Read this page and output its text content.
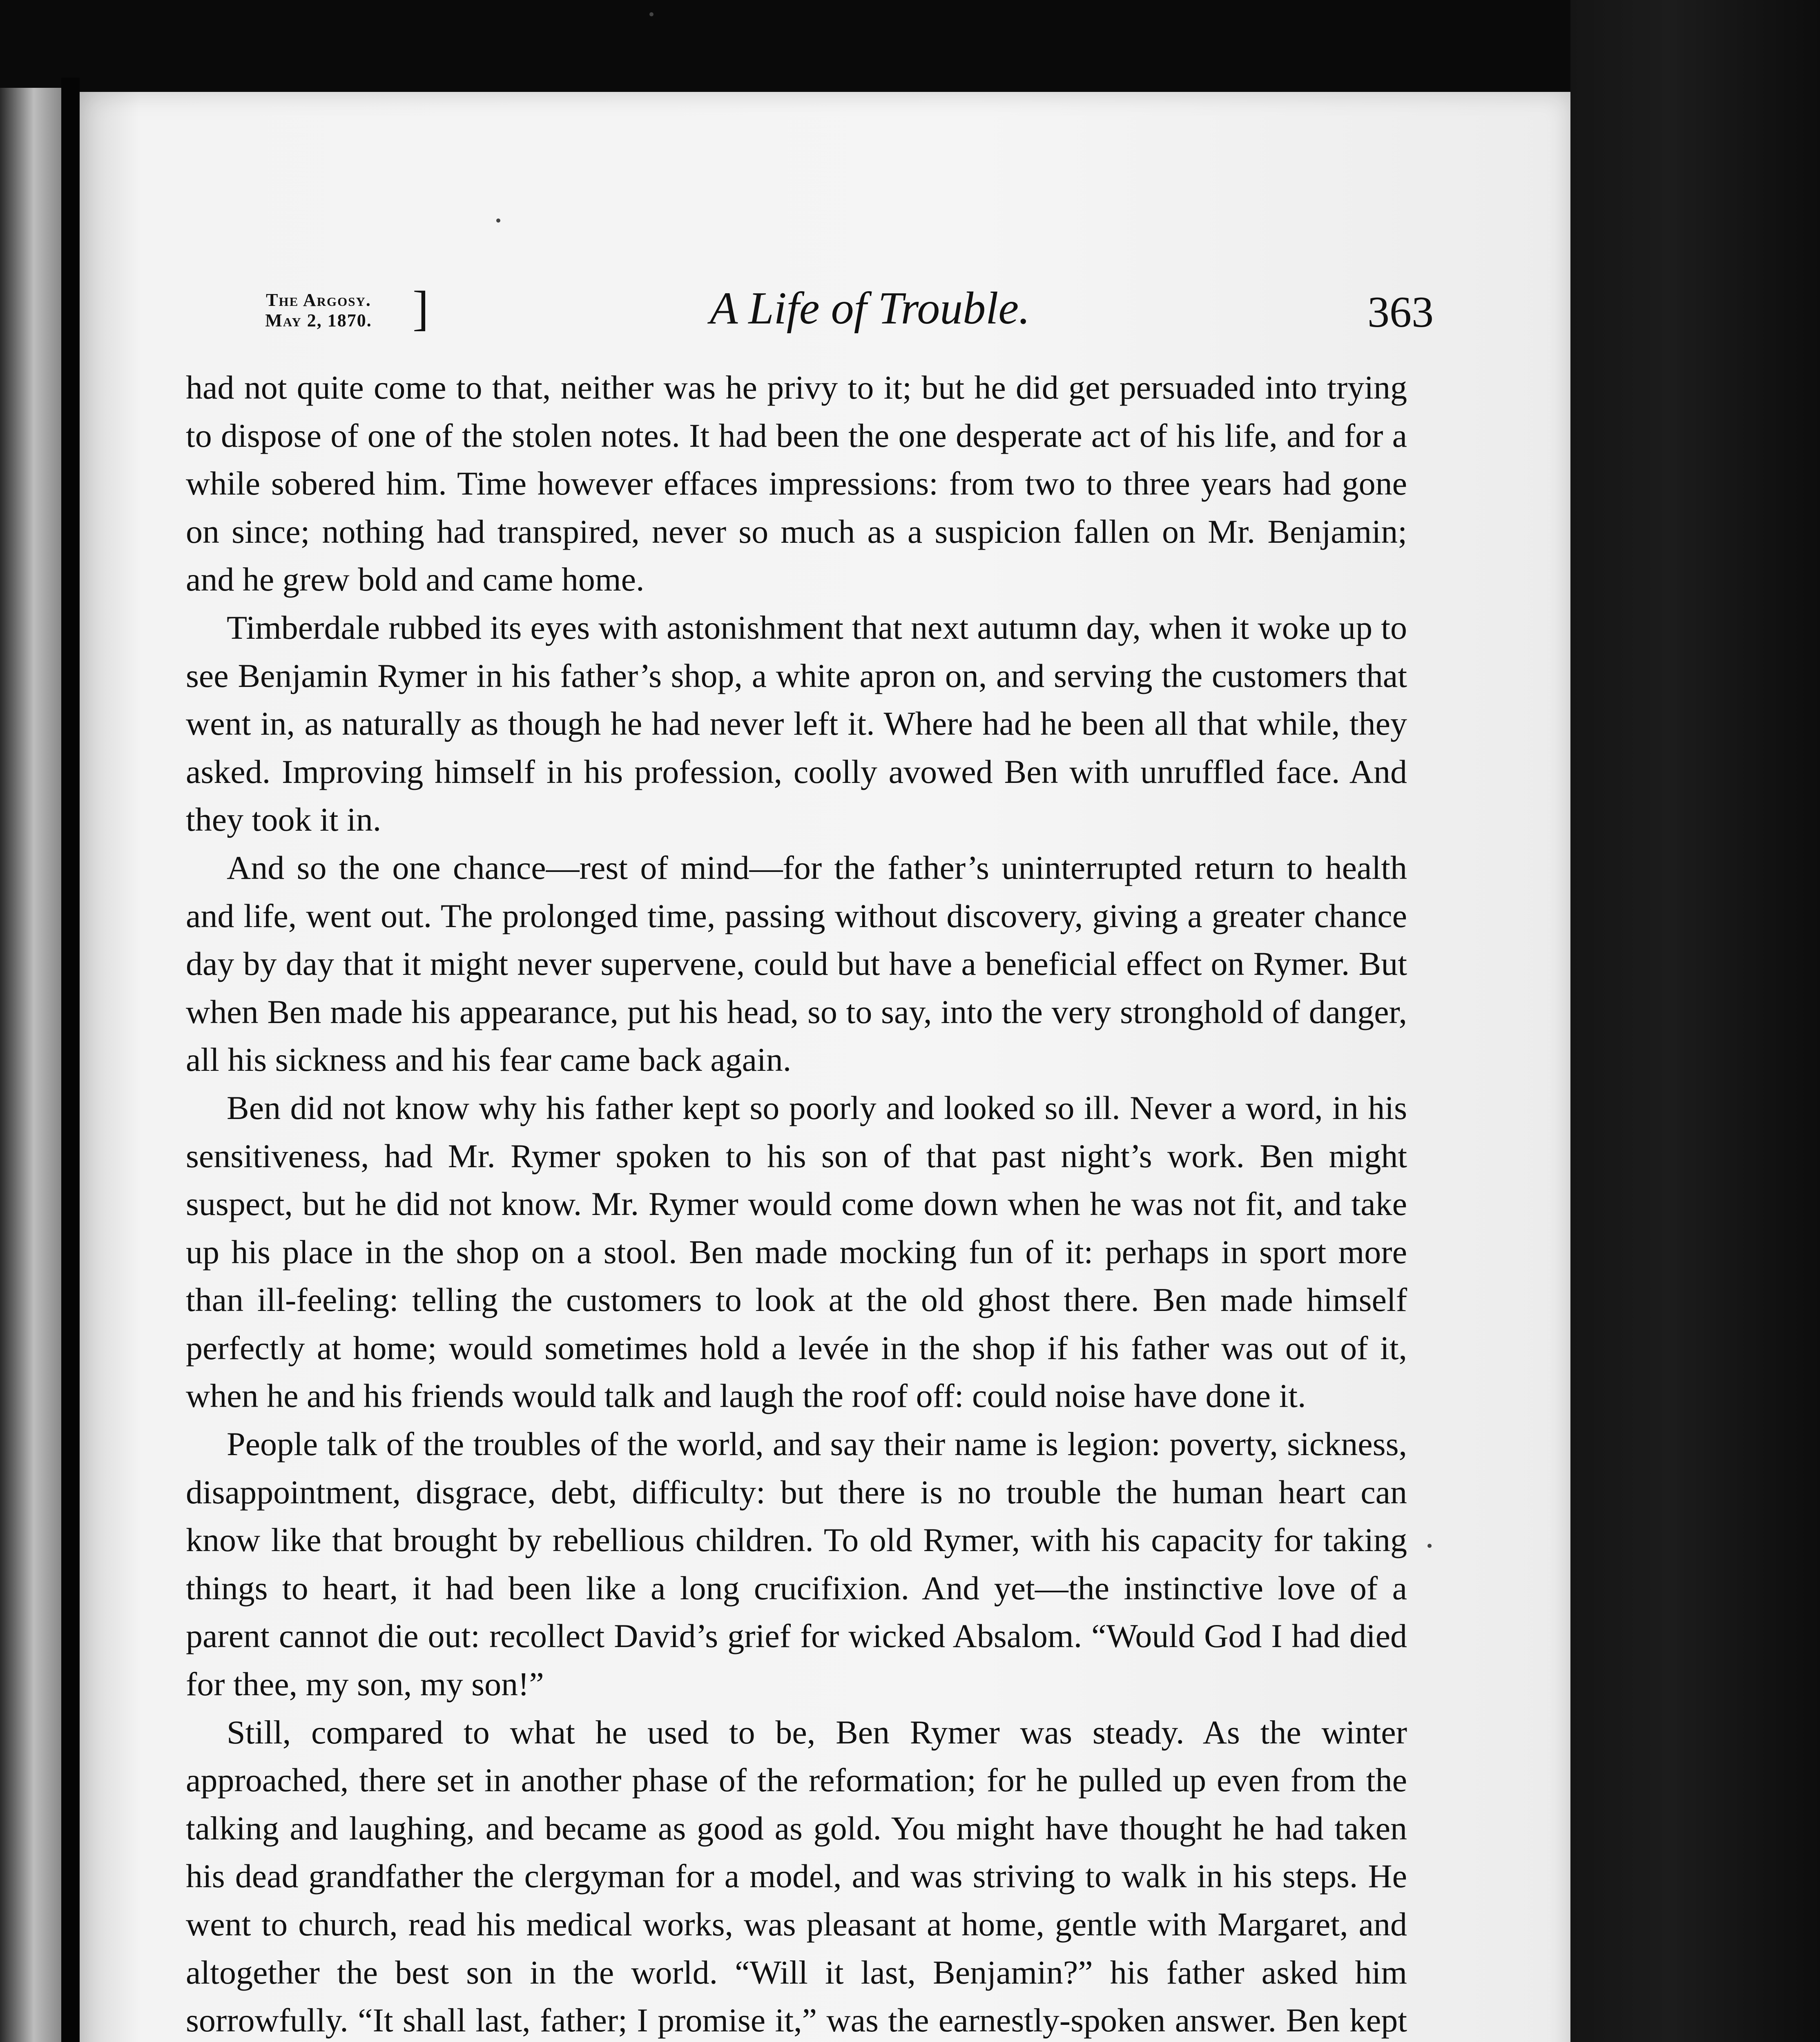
The Argosy.
May 2, 1870. ]	A Life of Trouble.	363

had not quite come to that, neither was he privy to it; but he did get persuaded into trying to dispose of one of the stolen notes. It had been the one desperate act of his life, and for a while sobered him. Time however effaces impressions: from two to three years had gone on since; nothing had transpired, never so much as a suspicion fallen on Mr. Benjamin; and he grew bold and came home.

Timberdale rubbed its eyes with astonishment that next autumn day, when it woke up to see Benjamin Rymer in his father’s shop, a white apron on, and serving the customers that went in, as naturally as though he had never left it. Where had he been all that while, they asked. Improving himself in his profession, coolly avowed Ben with unruffled face. And they took it in.

And so the one chance—rest of mind—for the father’s uninterrupted return to health and life, went out. The prolonged time, passing without discovery, giving a greater chance day by day that it might never supervene, could but have a beneficial effect on Rymer. But when Ben made his appearance, put his head, so to say, into the very stronghold of danger, all his sickness and his fear came back again.

Ben did not know why his father kept so poorly and looked so ill. Never a word, in his sensitiveness, had Mr. Rymer spoken to his son of that past night’s work. Ben might suspect, but he did not know. Mr. Rymer would come down when he was not fit, and take up his place in the shop on a stool. Ben made mocking fun of it: perhaps in sport more than ill-feeling: telling the customers to look at the old ghost there. Ben made himself perfectly at home; would sometimes hold a levée in the shop if his father was out of it, when he and his friends would talk and laugh the roof off: could noise have done it.

People talk of the troubles of the world, and say their name is legion: poverty, sickness, disappointment, disgrace, debt, difficulty: but there is no trouble the human heart can know like that brought by rebellious children. To old Rymer, with his capacity for taking things to heart, it had been like a long crucifixion. And yet—the instinctive love of a parent cannot die out: recollect David’s grief for wicked Absalom. “Would God I had died for thee, my son, my son!”

Still, compared to what he used to be, Ben Rymer was steady. As the winter approached, there set in another phase of the reformation; for he pulled up even from the talking and laughing, and became as good as gold. You might have thought he had taken his dead grandfather the clergyman for a model, and was striving to walk in his steps. He went to church, read his medical works, was pleasant at home, gentle with Margaret, and altogether the best son in the world. “Will it last, Benjamin?” his father asked him sorrowfully. “It shall last, father; I promise it,” was the earnestly-spoken answer. Ben kept
